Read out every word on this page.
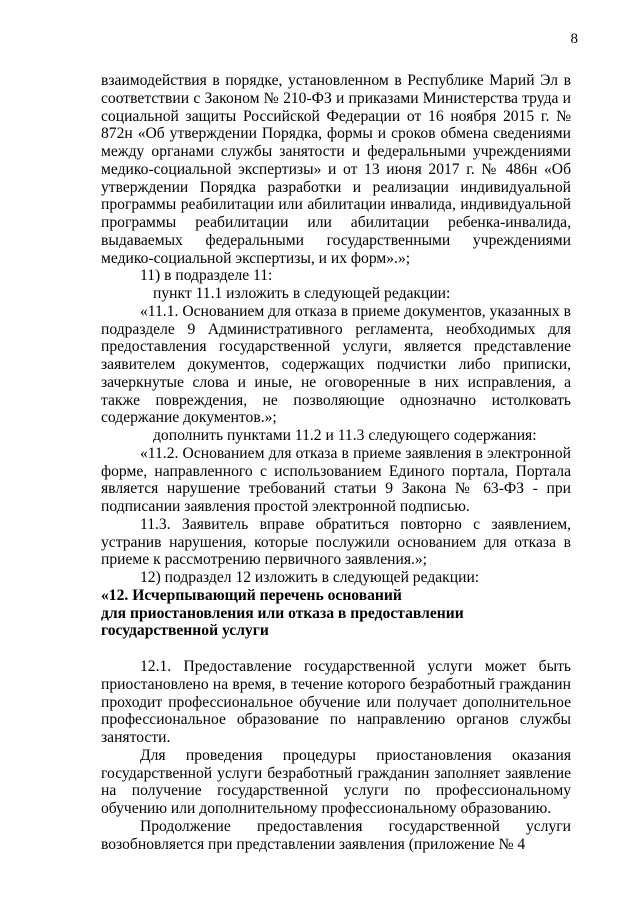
8

взаимодействия в порядке, установленном в Республике Марий Эл в соответствии с Законом № 210-ФЗ и приказами Министерства труда и социальной защиты Российской Федерации от 16 ноября 2015 г. № 872н «Об утверждении Порядка, формы и сроков обмена сведениями между органами службы занятости и федеральными учреждениями медико-социальной экспертизы» и от 13 июня 2017 г. № 486н «Об утверждении Порядка разработки и реализации индивидуальной программы реабилитации или абилитации инвалида, индивидуальной программы реабилитации или абилитации ребенка-инвалида, выдаваемых федеральными государственными учреждениями медико-социальной экспертизы, и их форм».»;

11) в подразделе 11:

пункт 11.1 изложить в следующей редакции:

«11.1. Основанием для отказа в приеме документов, указанных в подразделе 9 Административного регламента, необходимых для предоставления государственной услуги, является представление заявителем документов, содержащих подчистки либо приписки, зачеркнутые слова и иные, не оговоренные в них исправления, а также повреждения, не позволяющие однозначно истолковать содержание документов.»;

дополнить пунктами 11.2 и 11.3 следующего содержания:

«11.2. Основанием для отказа в приеме заявления в электронной форме, направленного с использованием Единого портала, Портала является нарушение требований статьи 9 Закона № 63-ФЗ - при подписании заявления простой электронной подписью.

11.3. Заявитель вправе обратиться повторно с заявлением, устранив нарушения, которые послужили основанием для отказа в приеме к рассмотрению первичного заявления.»;

12) подраздел 12 изложить в следующей редакции:

«12. Исчерпывающий перечень оснований

для приостановления или отказа в предоставлении

государственной услуги

12.1. Предоставление государственной услуги может быть приостановлено на время, в течение которого безработный гражданин проходит профессиональное обучение или получает дополнительное профессиональное образование по направлению органов службы занятости.

Для проведения процедуры приостановления оказания государственной услуги безработный гражданин заполняет заявление на получение государственной услуги по профессиональному обучению или дополнительному профессиональному образованию.

Продолжение предоставления государственной услуги возобновляется при представлении заявления (приложение № 4
